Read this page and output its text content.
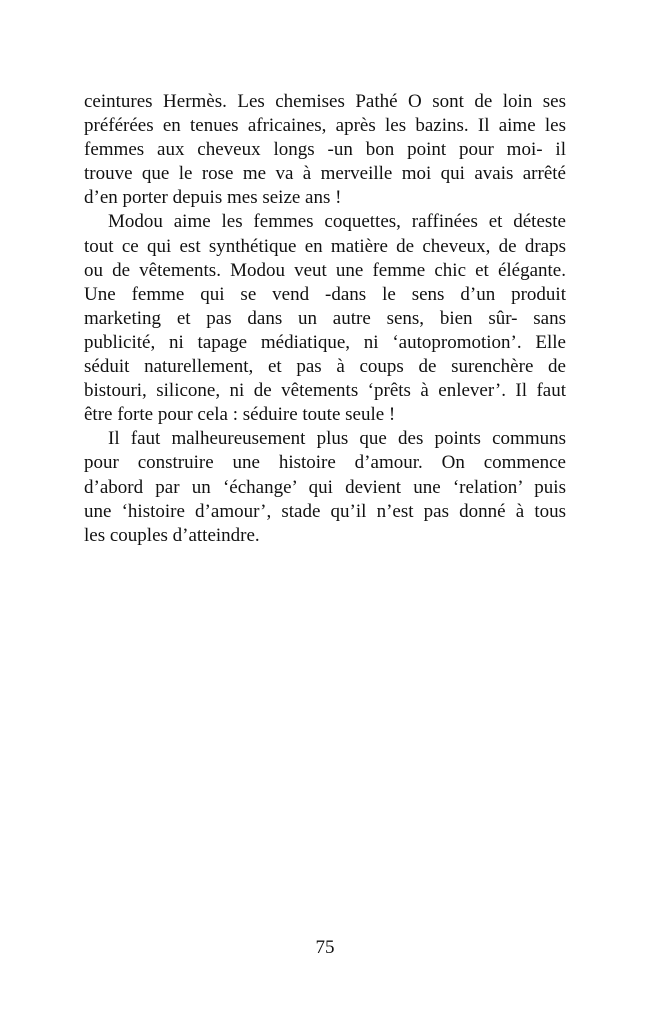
ceintures Hermès. Les chemises Pathé O sont de loin ses
préférées en tenues africaines, après les bazins. Il aime les
femmes aux cheveux longs -un bon point pour moi- il
trouve que le rose me va à merveille moi qui avais arrêté
d’en porter depuis mes seize ans !
Modou aime les femmes coquettes, raffinées et déteste
tout ce qui est synthétique en matière de cheveux, de draps
ou de vêtements. Modou veut une femme chic et élégante.
Une femme qui se vend -dans le sens d’un produit
marketing et pas dans un autre sens, bien sûr- sans
publicité, ni tapage médiatique, ni ‘autopromotion’. Elle
séduit naturellement, et pas à coups de surenchère de
bistouri, silicone, ni de vêtements ‘prêts à enlever’. Il faut
être forte pour cela : séduire toute seule !
Il faut malheureusement plus que des points communs
pour construire une histoire d’amour. On commence
d’abord par un ‘échange’ qui devient une ‘relation’ puis
une ‘histoire d’amour’, stade qu’il n’est pas donné à tous
les couples d’atteindre.
75
